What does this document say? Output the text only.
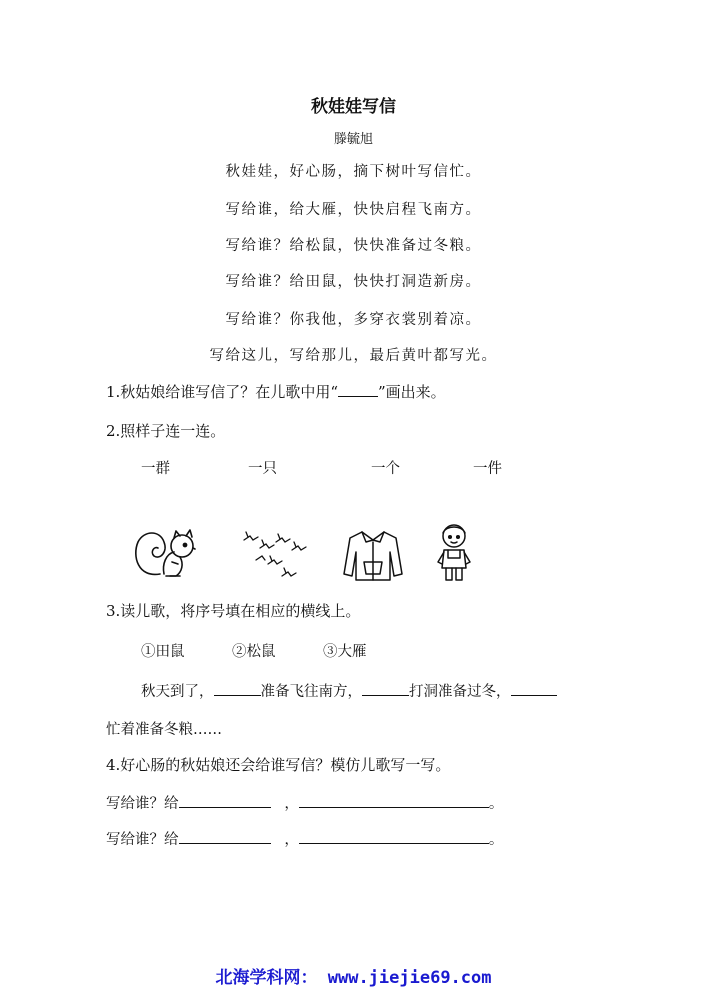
秋娃娃写信
滕毓旭
秋娃娃，好心肠，摘下树叶写信忙。
写给谁，给大雁，快快启程飞南方。
写给谁？给松鼠，快快准备过冬粮。
写给谁？给田鼠，快快打洞造新房。
写给谁？你我他，多穿衣裳别着凉。
写给这儿，写给那儿，最后黄叶都写光。
1.秋姑娘给谁写信了？在儿歌中用“	”画出来。
2.照样子连一连。
一群	一只	一个	一件
3.读儿歌，将序号填在相应的横线上。
①田鼠	②松鼠	③大雁
秋天到了，	准备飞往南方，	打洞准备过冬，
忙着准备冬粮……
4.好心肠的秋姑娘还会给谁写信？模仿儿歌写一写。
写给谁？给	，	。
写给谁？给	，	。
北海学科网： www.jiejie69.com
